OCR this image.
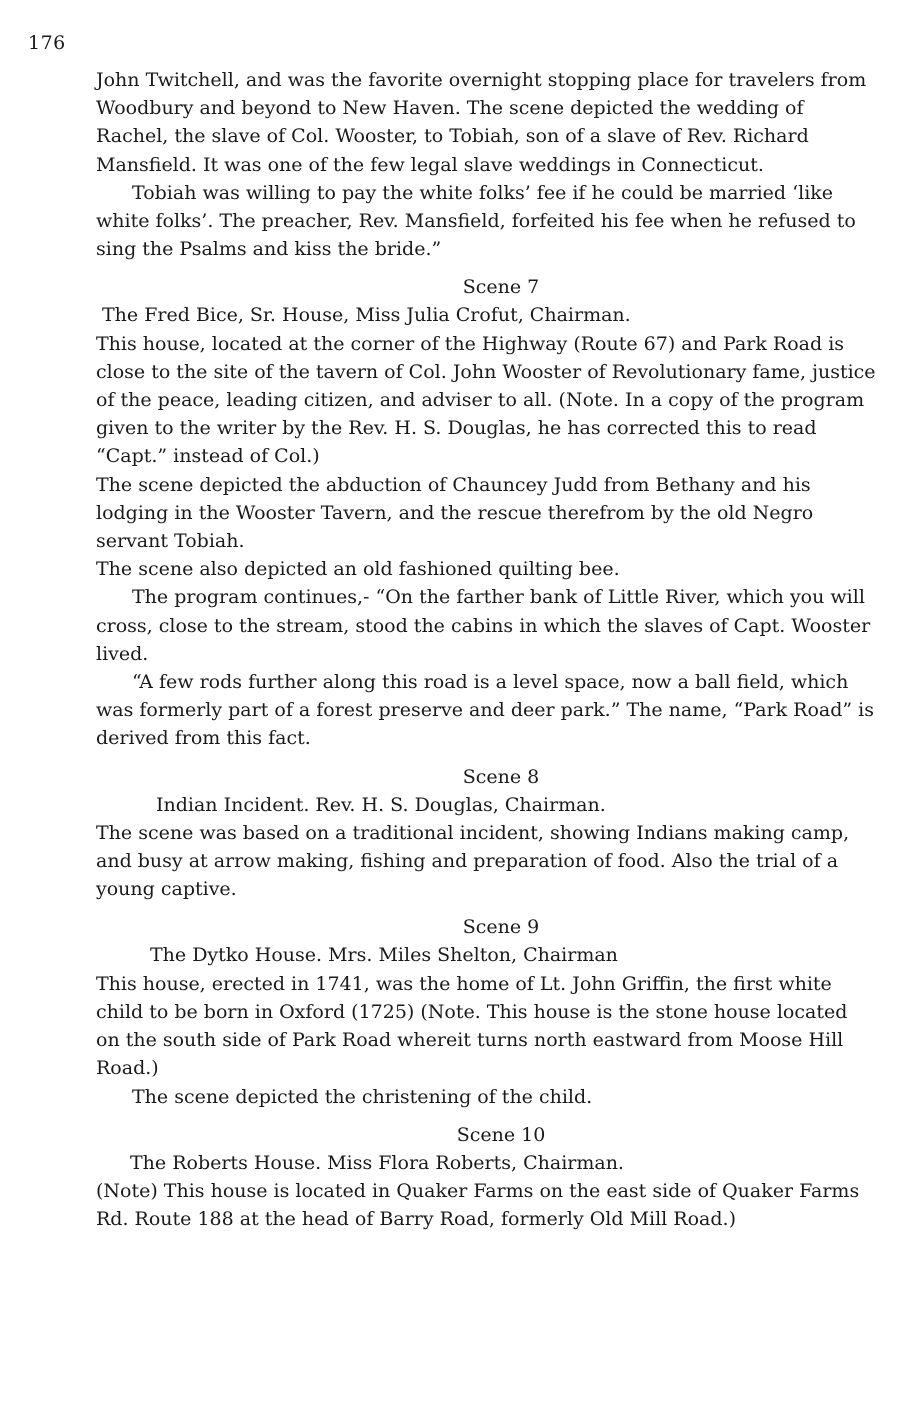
176

John Twitchell, and was the favorite overnight stopping place for travelers from Woodbury and beyond to New Haven. The scene depicted the wedding of Rachel, the slave of Col. Wooster, to Tobiah, son of a slave of Rev. Richard Mansfield. It was one of the few legal slave weddings in Connecticut.

Tobiah was willing to pay the white folks’ fee if he could be married ‘like white folks’. The preacher, Rev. Mansfield, forfeited his fee when he refused to sing the Psalms and kiss the bride.”

Scene 7

The Fred Bice, Sr. House, Miss Julia Crofut, Chairman.

This house, located at the corner of the Highway (Route 67) and Park Road is close to the site of the tavern of Col. John Wooster of Revolutionary fame, justice of the peace, leading citizen, and adviser to all. (Note. In a copy of the program given to the writer by the Rev. H. S. Douglas, he has corrected this to read “Capt.” instead of Col.)

The scene depicted the abduction of Chauncey Judd from Bethany and his lodging in the Wooster Tavern, and the rescue therefrom by the old Negro servant Tobiah.

The scene also depicted an old fashioned quilting bee.

The program continues,- “On the farther bank of Little River, which you will cross, close to the stream, stood the cabins in which the slaves of Capt. Wooster lived.

“A few rods further along this road is a level space, now a ball field, which was formerly part of a forest preserve and deer park.” The name, “Park Road” is derived from this fact.

Scene 8

Indian Incident. Rev. H. S. Douglas, Chairman.

The scene was based on a traditional incident, showing Indians making camp, and busy at arrow making, fishing and preparation of food. Also the trial of a young captive.

Scene 9

The Dytko House. Mrs. Miles Shelton, Chairman

This house, erected in 1741, was the home of Lt. John Griffin, the first white child to be born in Oxford (1725) (Note. This house is the stone house located on the south side of Park Road whereit turns north eastward from Moose Hill Road.)

The scene depicted the christening of the child.

Scene 10

The Roberts House. Miss Flora Roberts, Chairman.

(Note) This house is located in Quaker Farms on the east side of Quaker Farms Rd. Route 188 at the head of Barry Road, formerly Old Mill Road.)
